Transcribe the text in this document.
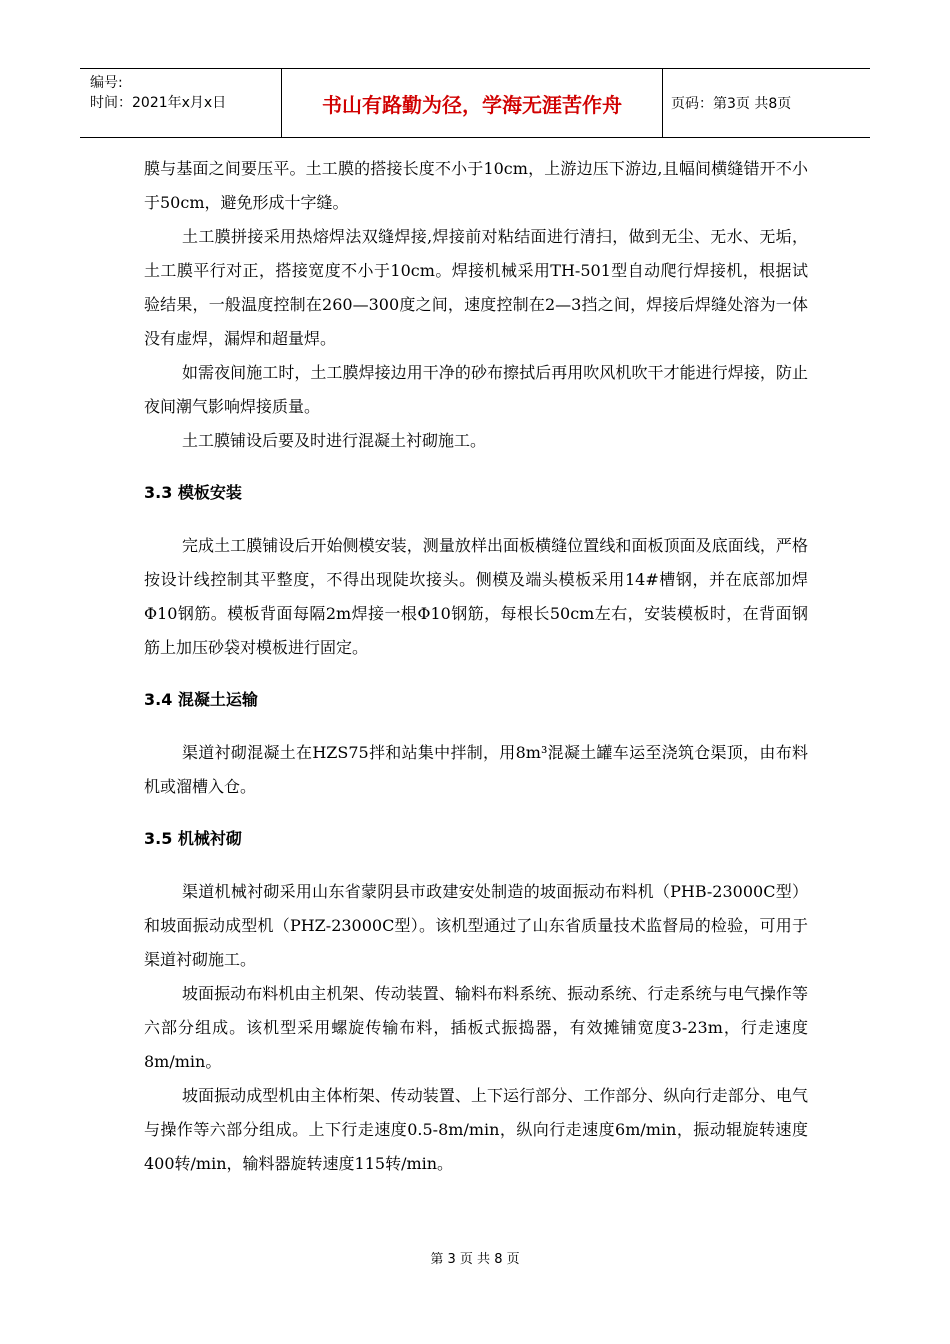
编号:
时间：2021年x月x日	书山有路勤为径，学海无涯苦作舟	页码：第3页 共8页

膜与基面之间要压平。土工膜的搭接长度不小于10cm，上游边压下游边,且幅间横缝错开不小于50cm，避免形成十字缝。

土工膜拼接采用热熔焊法双缝焊接,焊接前对粘结面进行清扫，做到无尘、无水、无垢，土工膜平行对正，搭接宽度不小于10cm。焊接机械采用TH-501型自动爬行焊接机，根据试验结果，一般温度控制在260—300度之间，速度控制在2—3挡之间，焊接后焊缝处溶为一体没有虚焊，漏焊和超量焊。

如需夜间施工时，土工膜焊接边用干净的砂布擦拭后再用吹风机吹干才能进行焊接，防止夜间潮气影响焊接质量。

土工膜铺设后要及时进行混凝土衬砌施工。

3.3 模板安装

完成土工膜铺设后开始侧模安装，测量放样出面板横缝位置线和面板顶面及底面线，严格按设计线控制其平整度，不得出现陡坎接头。侧模及端头模板采用14#槽钢，并在底部加焊Φ10钢筋。模板背面每隔2m焊接一根Φ10钢筋，每根长50cm左右，安装模板时，在背面钢筋上加压砂袋对模板进行固定。

3.4 混凝土运输

渠道衬砌混凝土在HZS75拌和站集中拌制，用8m³混凝土罐车运至浇筑仓渠顶，由布料机或溜槽入仓。

3.5 机械衬砌

渠道机械衬砌采用山东省蒙阴县市政建安处制造的坡面振动布料机（PHB-23000C型）和坡面振动成型机（PHZ-23000C型）。该机型通过了山东省质量技术监督局的检验，可用于渠道衬砌施工。

坡面振动布料机由主机架、传动装置、输料布料系统、振动系统、行走系统与电气操作等六部分组成。该机型采用螺旋传输布料，插板式振捣器，有效摊铺宽度3-23m，行走速度8m/min。

坡面振动成型机由主体桁架、传动装置、上下运行部分、工作部分、纵向行走部分、电气与操作等六部分组成。上下行走速度0.5-8m/min，纵向行走速度6m/min，振动辊旋转速度400转/min，输料器旋转速度115转/min。

第 3 页 共 8 页
